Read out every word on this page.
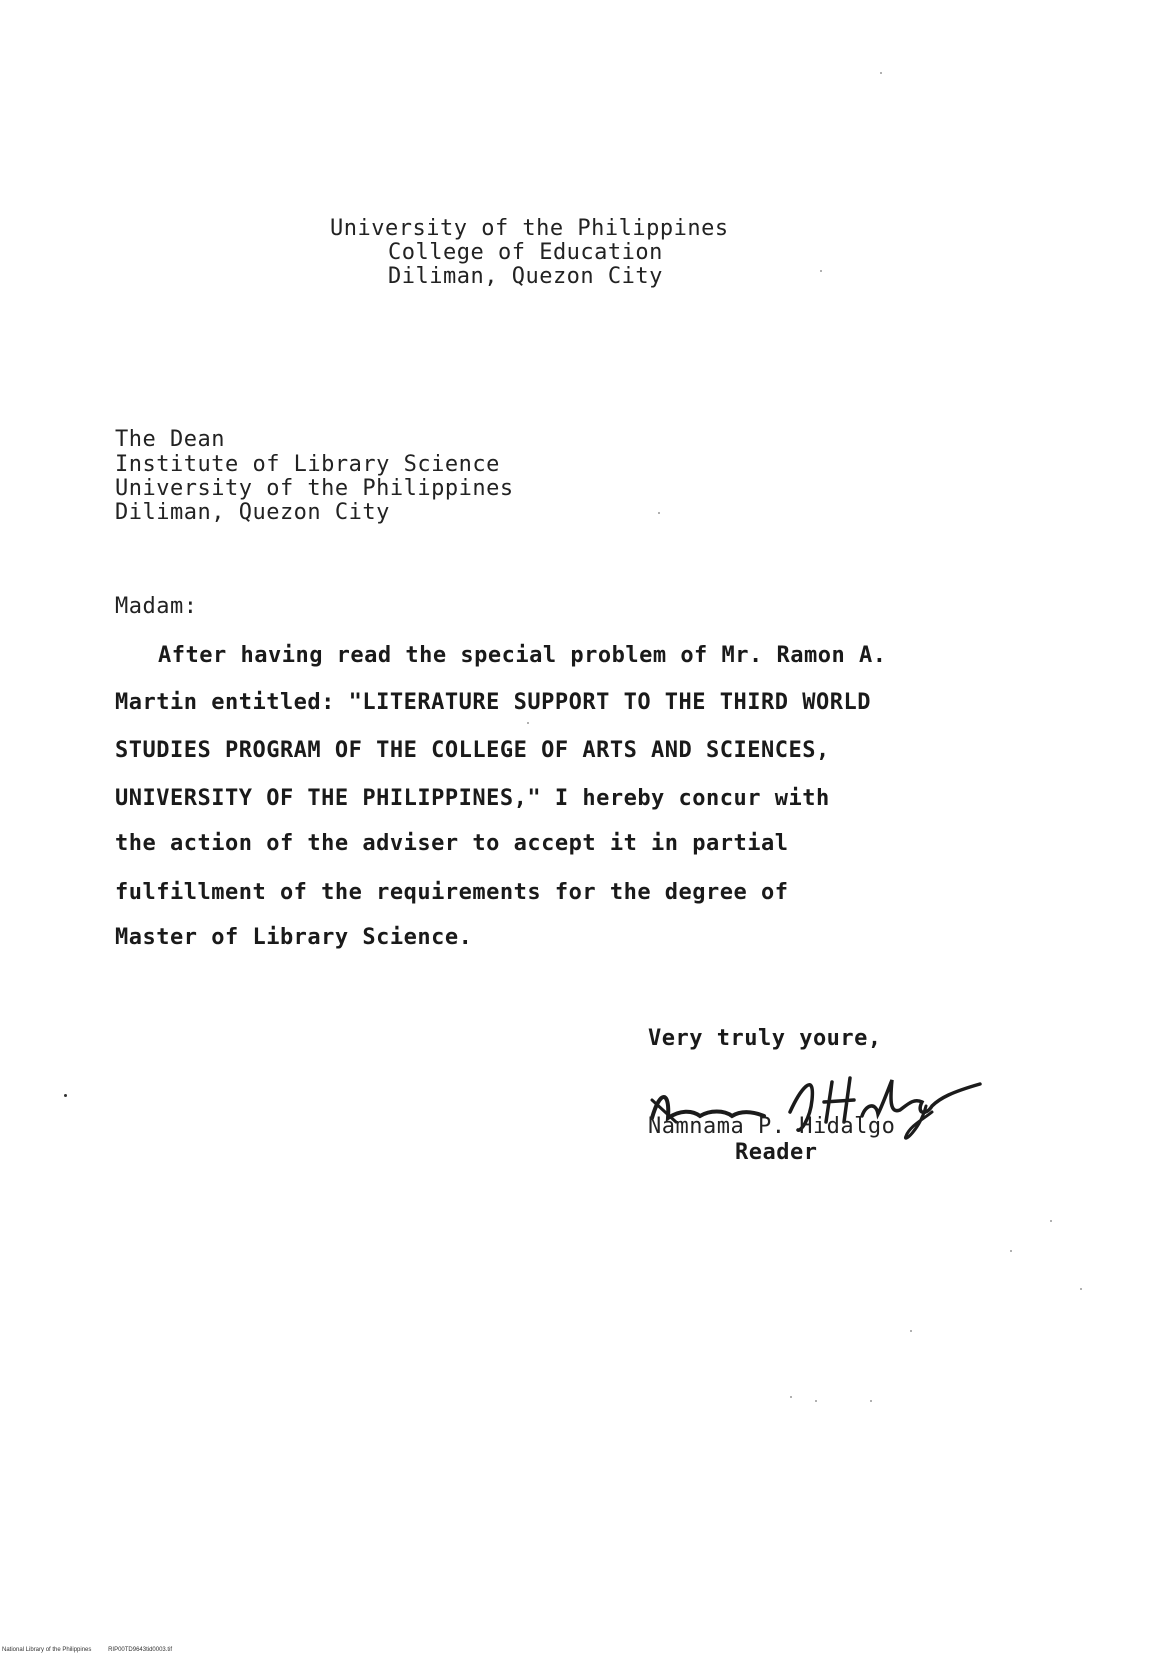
University of the Philippines
College of Education
Diliman, Quezon City
The Dean
Institute of Library Science
University of the Philippines
Diliman, Quezon City
Madam:
After having read the special problem of Mr. Ramon A.
Martin entitled: "LITERATURE SUPPORT TO THE THIRD WORLD
STUDIES PROGRAM OF THE COLLEGE OF ARTS AND SCIENCES,
UNIVERSITY OF THE PHILIPPINES," I hereby concur with
the action of the adviser to accept it in partial
fulfillment of the requirements for the degree of
Master of Library Science.
Very truly youre,
Namnama P. Hidalgo
Reader
National Library of the Philippines	RIP00TD9643tid0003.tif
